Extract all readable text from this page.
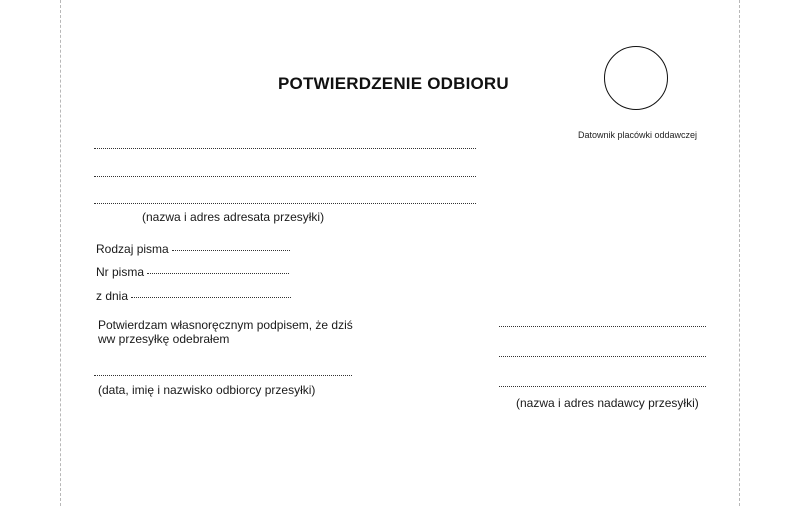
POTWIERDZENIE ODBIORU
Datownik placówki oddawczej
(nazwa i adres adresata przesyłki)
Rodzaj pisma
Nr pisma
z dnia
Potwierdzam własnoręcznym podpisem, że dziś
ww przesyłkę odebrałem
(data, imię i nazwisko odbiorcy przesyłki)
(nazwa i adres nadawcy przesyłki)
